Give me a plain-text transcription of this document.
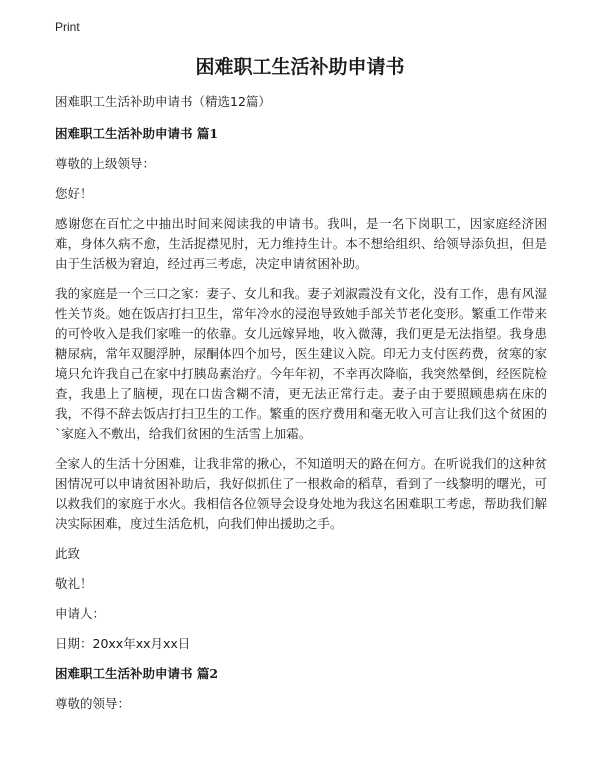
Print
困难职工生活补助申请书

困难职工生活补助申请书（精选12篇）

困难职工生活补助申请书 篇1

尊敬的上级领导：

您好！

感谢您在百忙之中抽出时间来阅读我的申请书。我叫，是一名下岗职工，因家庭经济困难，身体久病不愈，生活捉襟见肘，无力维持生计。本不想给组织、给领导添负担，但是由于生活极为窘迫，经过再三考虑，决定申请贫困补助。

我的家庭是一个三口之家：妻子、女儿和我。妻子刘淑霞没有文化，没有工作，患有风湿性关节炎。她在饭店打扫卫生，常年冷水的浸泡导致她手部关节老化变形。繁重工作带来的可怜收入是我们家唯一的依靠。女儿远嫁异地，收入微薄，我们更是无法指望。我身患糖尿病，常年双腿浮肿，尿酮体四个加号，医生建议入院。印无力支付医药费，贫寒的家境只允许我自己在家中打胰岛素治疗。今年年初，不幸再次降临，我突然晕倒，经医院检查，我患上了脑梗，现在口齿含糊不清，更无法正常行走。妻子由于要照顾患病在床的我，不得不辞去饭店打扫卫生的工作。繁重的医疗费用和毫无收入可言让我们这个贫困的`家庭入不敷出，给我们贫困的生活雪上加霜。

全家人的生活十分困难，让我非常的揪心，不知道明天的路在何方。在听说我们的这种贫困情况可以申请贫困补助后，我好似抓住了一根救命的稻草，看到了一线黎明的曙光，可以救我们的家庭于水火。我相信各位领导会设身处地为我这名困难职工考虑，帮助我们解决实际困难，度过生活危机，向我们伸出援助之手。

此致

敬礼！

申请人：

日期：20xx年xx月xx日

困难职工生活补助申请书 篇2

尊敬的领导：
